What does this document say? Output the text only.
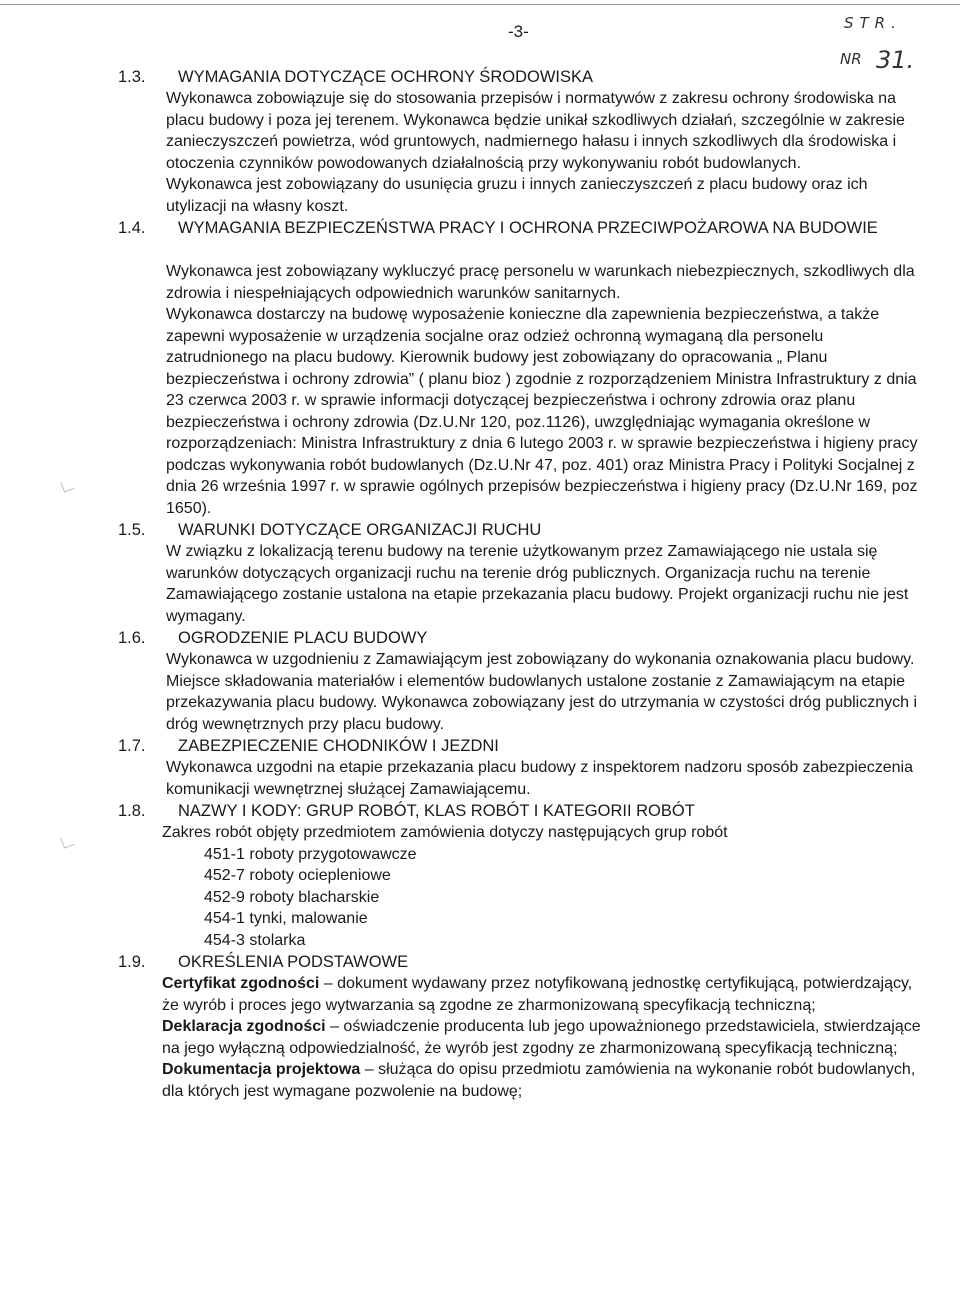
-3-	STR.
NR 31.
1.3. WYMAGANIA DOTYCZĄCE OCHRONY ŚRODOWISKA

Wykonawca zobowiązuje się do stosowania przepisów i normatywów z zakresu ochrony środowiska na placu budowy i poza jej terenem. Wykonawca będzie unikał szkodliwych działań, szczególnie w zakresie zanieczyszczeń powietrza, wód gruntowych, nadmiernego hałasu i innych szkodliwych dla środowiska i otoczenia czynników powodowanych działalnością przy wykonywaniu robót budowlanych.

Wykonawca jest zobowiązany do usunięcia gruzu i innych zanieczyszczeń z placu budowy oraz ich utylizacji na własny koszt.

1.4. WYMAGANIA BEZPIECZEŃSTWA PRACY I OCHRONA PRZECIWPOŻAROWA NA BUDOWIE

Wykonawca jest zobowiązany wykluczyć pracę personelu w warunkach niebezpiecznych, szkodliwych dla zdrowia i niespełniających odpowiednich warunków sanitarnych.

Wykonawca dostarczy na budowę wyposażenie konieczne dla zapewnienia bezpieczeństwa, a także zapewni wyposażenie w urządzenia socjalne oraz odzież ochronną wymaganą dla personelu zatrudnionego na placu budowy. Kierownik budowy jest zobowiązany do opracowania „ Planu bezpieczeństwa i ochrony zdrowia” ( planu bioz ) zgodnie z rozporządzeniem Ministra Infrastruktury z dnia 23 czerwca 2003 r. w sprawie informacji dotyczącej bezpieczeństwa i ochrony zdrowia oraz planu bezpieczeństwa i ochrony zdrowia (Dz.U.Nr 120, poz.1126), uwzględniając wymagania określone w rozporządzeniach: Ministra Infrastruktury z dnia 6 lutego 2003 r. w sprawie bezpieczeństwa i higieny pracy podczas wykonywania robót budowlanych (Dz.U.Nr 47, poz. 401) oraz Ministra Pracy i Polityki Socjalnej z dnia 26 września 1997 r. w sprawie ogólnych przepisów bezpieczeństwa i higieny pracy (Dz.U.Nr 169, poz 1650).

1.5. WARUNKI DOTYCZĄCE ORGANIZACJI RUCHU

W związku z lokalizacją terenu budowy na terenie użytkowanym przez Zamawiającego nie ustala się warunków dotyczących organizacji ruchu na terenie dróg publicznych. Organizacja ruchu na terenie Zamawiającego zostanie ustalona na etapie przekazania placu budowy. Projekt organizacji ruchu nie jest wymagany.

1.6. OGRODZENIE PLACU BUDOWY

Wykonawca w uzgodnieniu z Zamawiającym jest zobowiązany do wykonania oznakowania placu budowy. Miejsce składowania materiałów i elementów budowlanych ustalone zostanie z Zamawiającym na etapie przekazywania placu budowy. Wykonawca zobowiązany jest do utrzymania w czystości dróg publicznych i dróg wewnętrznych przy placu budowy.

1.7. ZABEZPIECZENIE CHODNIKÓW I JEZDNI

Wykonawca uzgodni na etapie przekazania placu budowy z inspektorem nadzoru sposób zabezpieczenia komunikacji wewnętrznej służącej Zamawiającemu.

1.8. NAZWY I KODY: GRUP ROBÓT, KLAS ROBÓT I KATEGORII ROBÓT

Zakres robót objęty przedmiotem zamówienia dotyczy następujących grup robót

451-1 roboty przygotowawcze
452-7 roboty ociepleniowe
452-9 roboty blacharskie
454-1 tynki, malowanie
454-3 stolarka
1.9. OKREŚLENIA PODSTAWOWE

Certyfikat zgodności – dokument wydawany przez notyfikowaną jednostkę certyfikującą, potwierdzający, że wyrób i proces jego wytwarzania są zgodne ze zharmonizowaną specyfikacją techniczną;

Deklaracja zgodności – oświadczenie producenta lub jego upoważnionego przedstawiciela, stwierdzające na jego wyłączną odpowiedzialność, że wyrób jest zgodny ze zharmonizowaną specyfikacją techniczną;

Dokumentacja projektowa – służąca do opisu przedmiotu zamówienia na wykonanie robót budowlanych, dla których jest wymagane pozwolenie na budowę;
